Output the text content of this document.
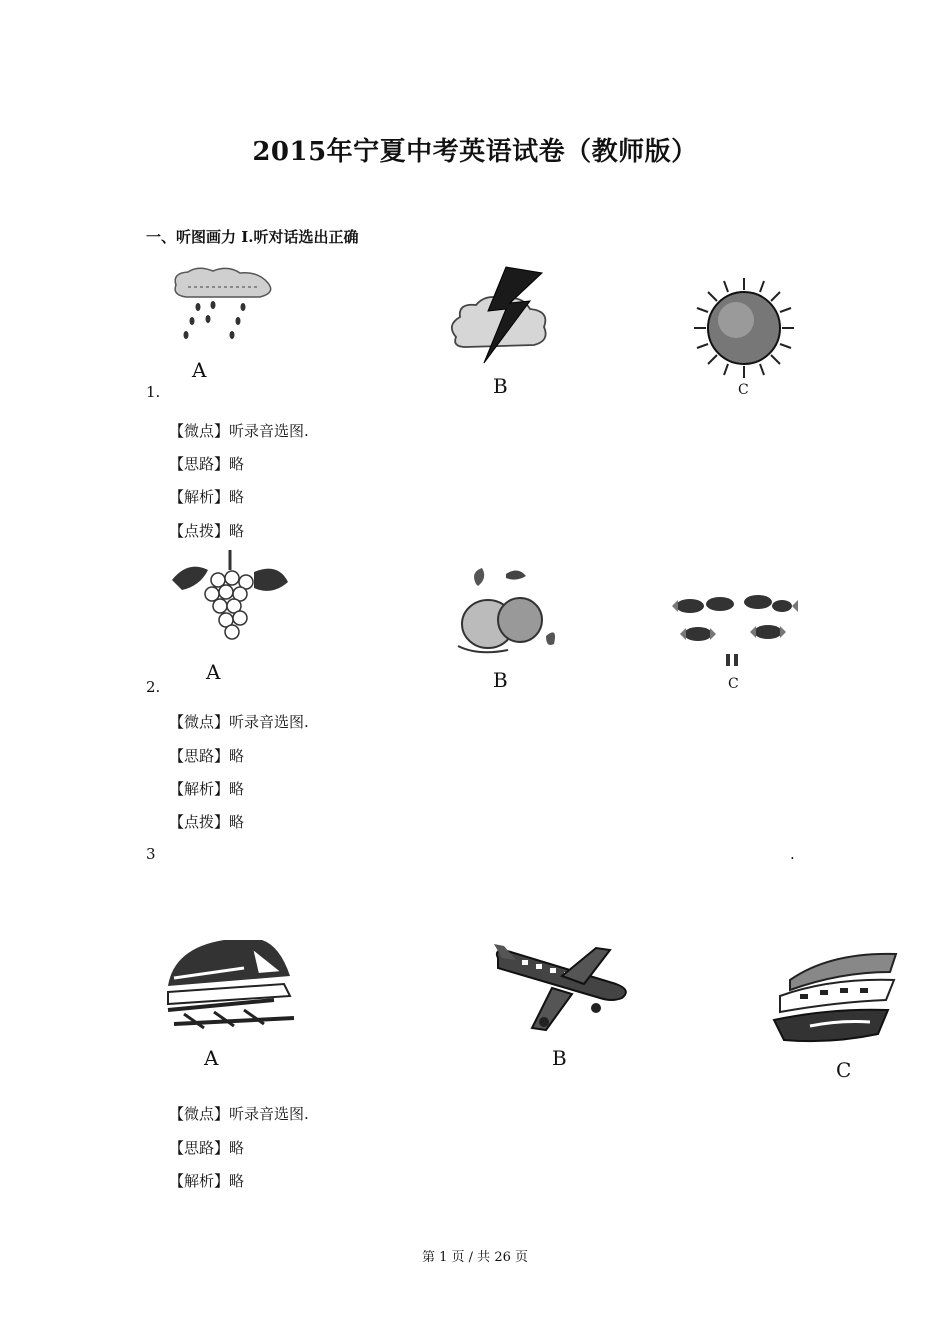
2015年宁夏中考英语试卷（教师版）
一、听图画力 I.听对话选出正确
1.
A
B	C
【微点】听录音选图.
【思路】略
【解析】略
【点拨】略
2.
A	B	C
【微点】听录音选图.
【思路】略
【解析】略
【点拨】略
3	.
A	B	C
【微点】听录音选图.
【思路】略
【解析】略
第 1 页 / 共 26 页
